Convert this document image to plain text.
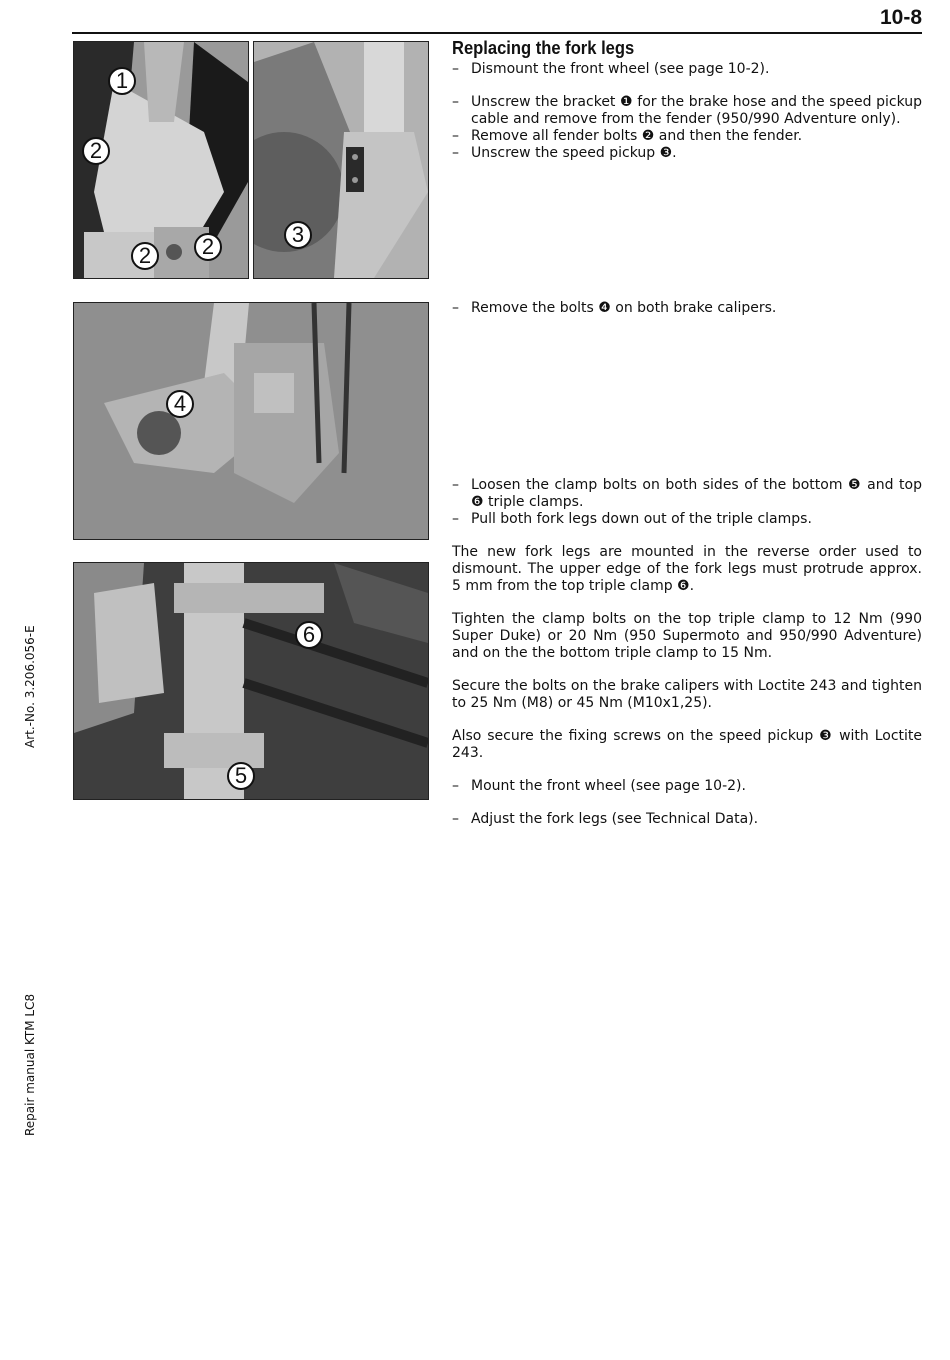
10-8
Art.-No. 3.206.056-E
Repair manual KTM LC8
1
2
2	2	3
4
6
5
Replacing the fork legs

– Dismount the front wheel (see page 10-2).

– Unscrew the bracket ❶ for the brake hose and the speed pickup cable and remove from the fender (950/990 Adventure only).

– Remove all fender bolts ❷ and then the fender.

– Unscrew the speed pickup ❸.

– Remove the bolts ❹ on both brake calipers.

– Loosen the clamp bolts on both sides of the bottom ❺ and top ❻ triple clamps.

– Pull both fork legs down out of the triple clamps.

The new fork legs are mounted in the reverse order used to dismount. The upper edge of the fork legs must protrude approx. 5 mm from the top triple clamp ❻.

Tighten the clamp bolts on the top triple clamp to 12 Nm (990 Super Duke) or 20 Nm (950 Supermoto and 950/990 Adventure) and on the the bottom triple clamp to 15 Nm.

Secure the bolts on the brake calipers with Loctite 243 and tighten to 25 Nm (M8) or 45 Nm (M10x1,25).

Also secure the fixing screws on the speed pickup ❸ with Loctite 243.

– Mount the front wheel (see page 10-2).

– Adjust the fork legs (see Technical Data).
